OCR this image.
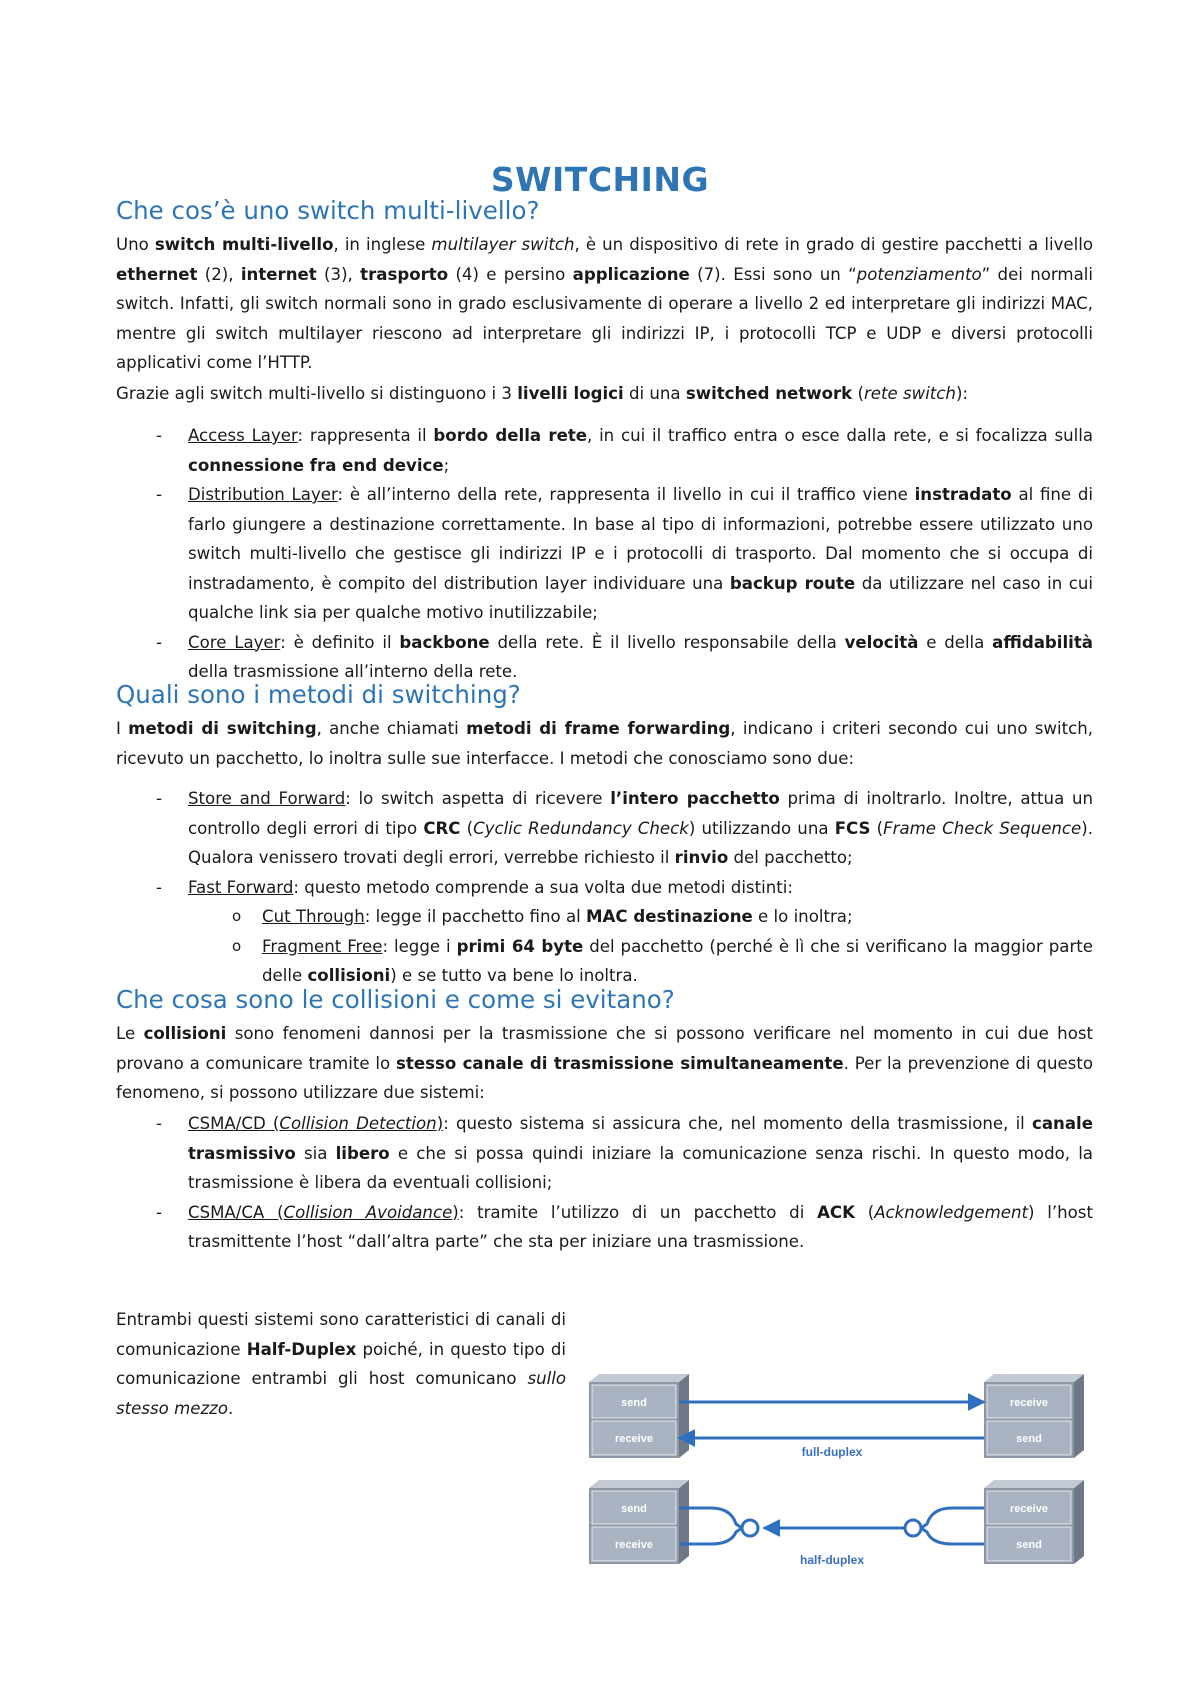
SWITCHING
Che cos’è uno switch multi-livello?

Uno switch multi-livello, in inglese multilayer switch, è un dispositivo di rete in grado di gestire pacchetti a livello ethernet (2), internet (3), trasporto (4) e persino applicazione (7). Essi sono un “potenziamento” dei normali switch. Infatti, gli switch normali sono in grado esclusivamente di operare a livello 2 ed interpretare gli indirizzi MAC, mentre gli switch multilayer riescono ad interpretare gli indirizzi IP, i protocolli TCP e UDP e diversi protocolli applicativi come l’HTTP.

Grazie agli switch multi-livello si distinguono i 3 livelli logici di una switched network (rete switch):

- Access Layer: rappresenta il bordo della rete, in cui il traffico entra o esce dalla rete, e si focalizza sulla connessione fra end device;
- Distribution Layer: è all’interno della rete, rappresenta il livello in cui il traffico viene instradato al fine di farlo giungere a destinazione correttamente. In base al tipo di informazioni, potrebbe essere utilizzato uno switch multi-livello che gestisce gli indirizzi IP e i protocolli di trasporto. Dal momento che si occupa di instradamento, è compito del distribution layer individuare una backup route da utilizzare nel caso in cui qualche link sia per qualche motivo inutilizzabile;
- Core Layer: è definito il backbone della rete. È il livello responsabile della velocità e della affidabilità della trasmissione all’interno della rete.
Quali sono i metodi di switching?

I metodi di switching, anche chiamati metodi di frame forwarding, indicano i criteri secondo cui uno switch, ricevuto un pacchetto, lo inoltra sulle sue interfacce. I metodi che conosciamo sono due:

- Store and Forward: lo switch aspetta di ricevere l’intero pacchetto prima di inoltrarlo. Inoltre, attua un controllo degli errori di tipo CRC (Cyclic Redundancy Check) utilizzando una FCS (Frame Check Sequence). Qualora venissero trovati degli errori, verrebbe richiesto il rinvio del pacchetto;
- Fast Forward: questo metodo comprende a sua volta due metodi distinti:
o Cut Through: legge il pacchetto fino al MAC destinazione e lo inoltra;
o Fragment Free: legge i primi 64 byte del pacchetto (perché è lì che si verificano la maggior parte delle collisioni) e se tutto va bene lo inoltra.
Che cosa sono le collisioni e come si evitano?

Le collisioni sono fenomeni dannosi per la trasmissione che si possono verificare nel momento in cui due host provano a comunicare tramite lo stesso canale di trasmissione simultaneamente. Per la prevenzione di questo fenomeno, si possono utilizzare due sistemi:

- CSMA/CD (Collision Detection): questo sistema si assicura che, nel momento della trasmissione, il canale trasmissivo sia libero e che si possa quindi iniziare la comunicazione senza rischi. In questo modo, la trasmissione è libera da eventuali collisioni;
- CSMA/CA (Collision Avoidance): tramite l’utilizzo di un pacchetto di ACK (Acknowledgement) l’host trasmittente l’host “dall’altra parte” che sta per iniziare una trasmissione.

Entrambi questi sistemi sono caratteristici di canali di comunicazione Half-Duplex poiché, in questo tipo di comunicazione entrambi gli host comunicano sullo stesso mezzo.	send
receive
receive
send
full-duplex
send
receive
receive
send
half-duplex
